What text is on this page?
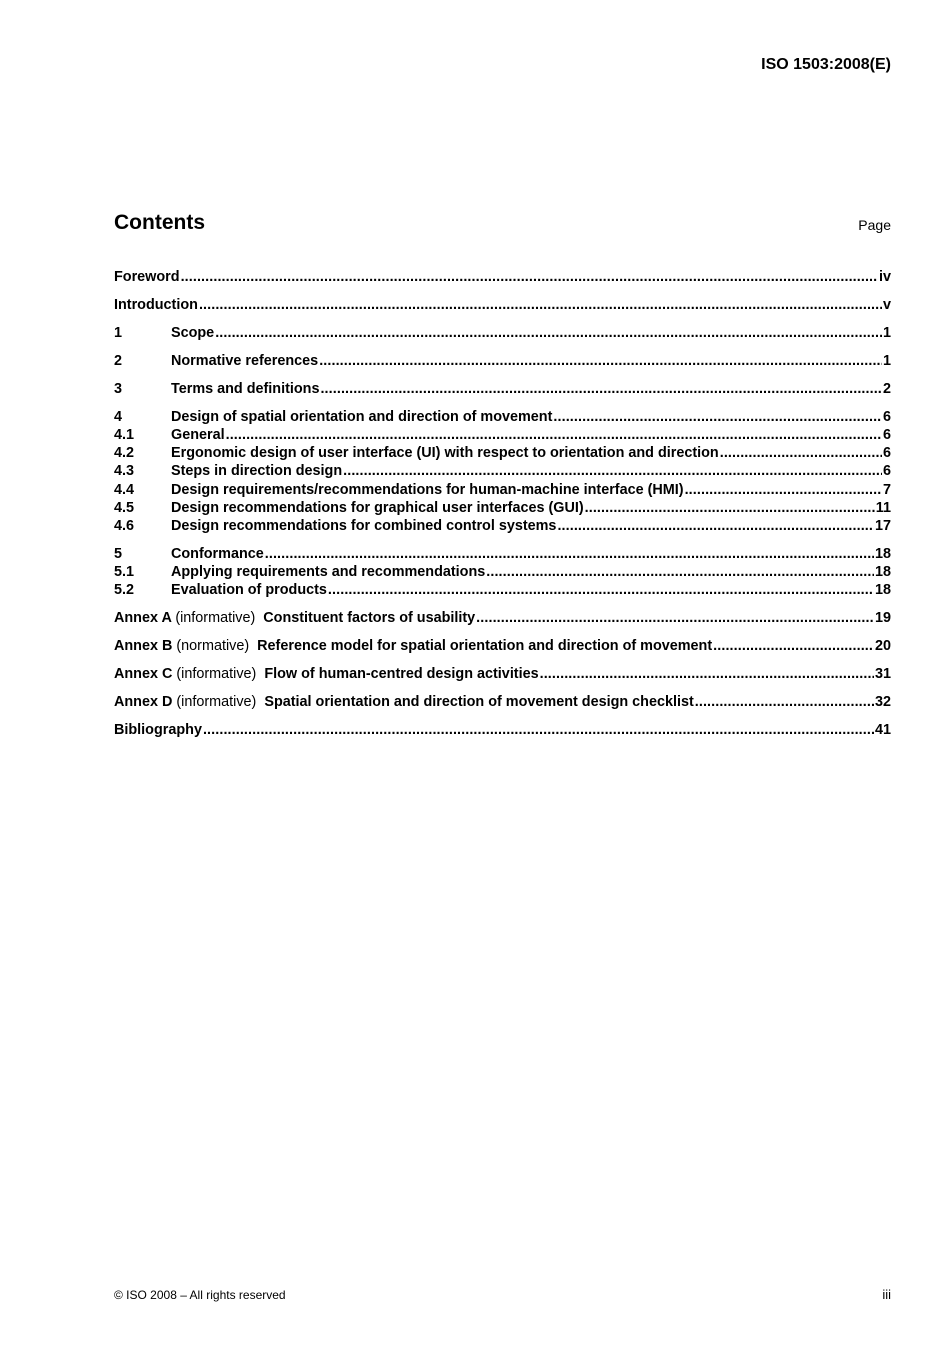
ISO 1503:2008(E)
Contents	Page
Foreword .....	iv
Introduction .....	v
1	Scope .....	1
2	Normative references .....	1
3	Terms and definitions .....	2
4	Design of spatial orientation and direction of movement .....	6
4.1	General .....	6
4.2	Ergonomic design of user interface (UI) with respect to orientation and direction .....	6
4.3	Steps in direction design .....	6
4.4	Design requirements/recommendations for human-machine interface (HMI) .....	7
4.5	Design recommendations for graphical user interfaces (GUI) .....	11
4.6	Design recommendations for combined control systems .....	17
5	Conformance .....	18
5.1	Applying requirements and recommendations .....	18
5.2	Evaluation of products .....	18
Annex A (informative) Constituent factors of usability .....	19
Annex B (normative) Reference model for spatial orientation and direction of movement .....	20
Annex C (informative) Flow of human-centred design activities .....	31
Annex D (informative) Spatial orientation and direction of movement design checklist .....	32
Bibliography .....	41
© ISO 2008 – All rights reserved	iii
